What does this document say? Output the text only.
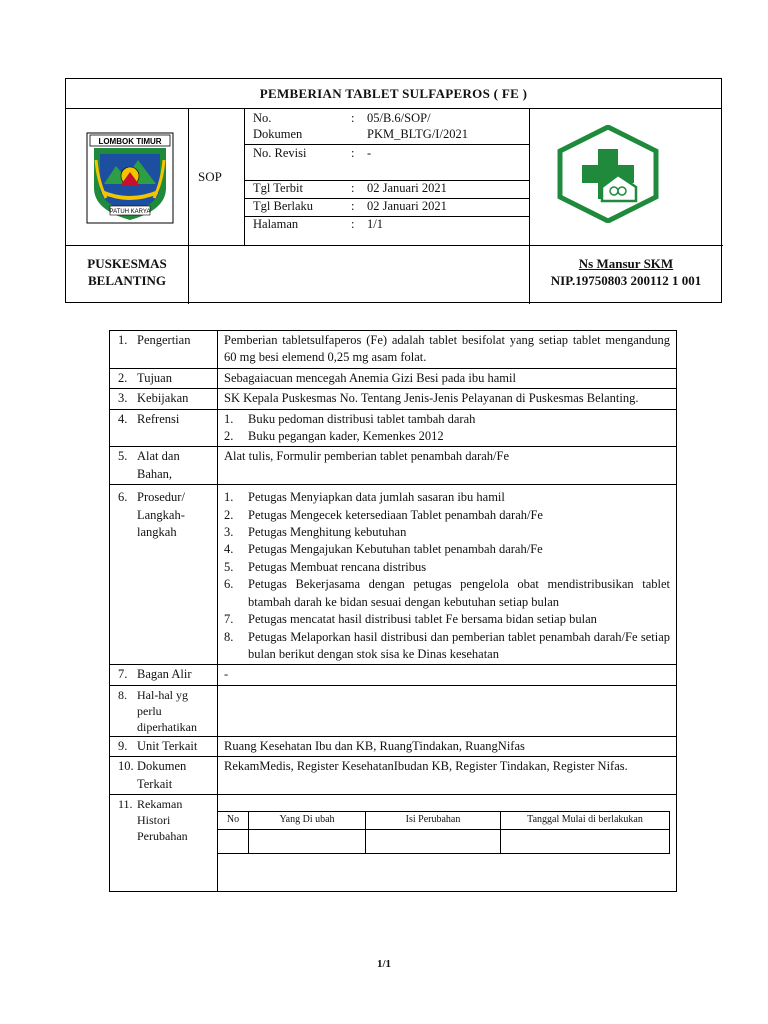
PEMBERIAN TABLET SULFAPEROS ( FE )
LOMBOK TIMUR
PATUH KARYA
SOP
No.
Dokumen
: 05/B.6/SOP/
PKM_BLTG/I/2021
No. Revisi	: -
Tgl Terbit	: 02 Januari 2021
Tgl Berlaku	: 02 Januari 2021
Halaman	: 1/1
PUSKESMAS
BELANTING
Ns Mansur SKM
NIP.19750803 200112 1 001
1. Pengertian	Pemberian tabletsulfaperos (Fe) adalah tablet besifolat yang setiap tablet mengandung 60 mg besi elemend 0,25 mg asam folat.
2. Tujuan	Sebagaiacuan mencegah Anemia Gizi Besi pada ibu hamil
3. Kebijakan	SK Kepala Puskesmas No. Tentang Jenis-Jenis Pelayanan di Puskesmas Belanting.
4. Refrensi	1.	Buku pedoman distribusi tablet tambah darah
2.	Buku pegangan kader, Kemenkes 2012

5. Alat dan
Bahan,	Alat tulis, Formulir pemberian tablet penambah darah/Fe
6. Prosedur/
Langkah-
langkah	
1.	Petugas Menyiapkan data jumlah sasaran ibu hamil
2.	Petugas Mengecek ketersediaan Tablet penambah darah/Fe
3.	Petugas Menghitung kebutuhan
4.	Petugas Mengajukan Kebutuhan tablet penambah darah/Fe
5.	Petugas Membuat rencana distribus
6.	Petugas Bekerjasama dengan petugas pengelola obat mendistribusikan tablet btambah darah ke bidan sesuai dengan kebutuhan setiap bulan
7.	Petugas mencatat hasil distribusi tablet Fe bersama bidan setiap bulan
8.	Petugas Melaporkan hasil distribusi dan pemberian tablet penambah darah/Fe setiap bulan berikut dengan stok sisa ke Dinas kesehatan

7. Bagan Alir	-
8. Hal-hal yg
perlu
diperhatikan	
9. Unit Terkait	Ruang Kesehatan Ibu dan KB, RuangTindakan, RuangNifas
10. Dokumen
Terkait	RekamMedis, Register KesehatanIbudan KB, Register Tindakan, Register Nifas.
11. Rekaman
Histori
Perubahan	
No	Yang Di ubah	Isi Perubahan	Tanggal Mulai di berlakukan

1/1
